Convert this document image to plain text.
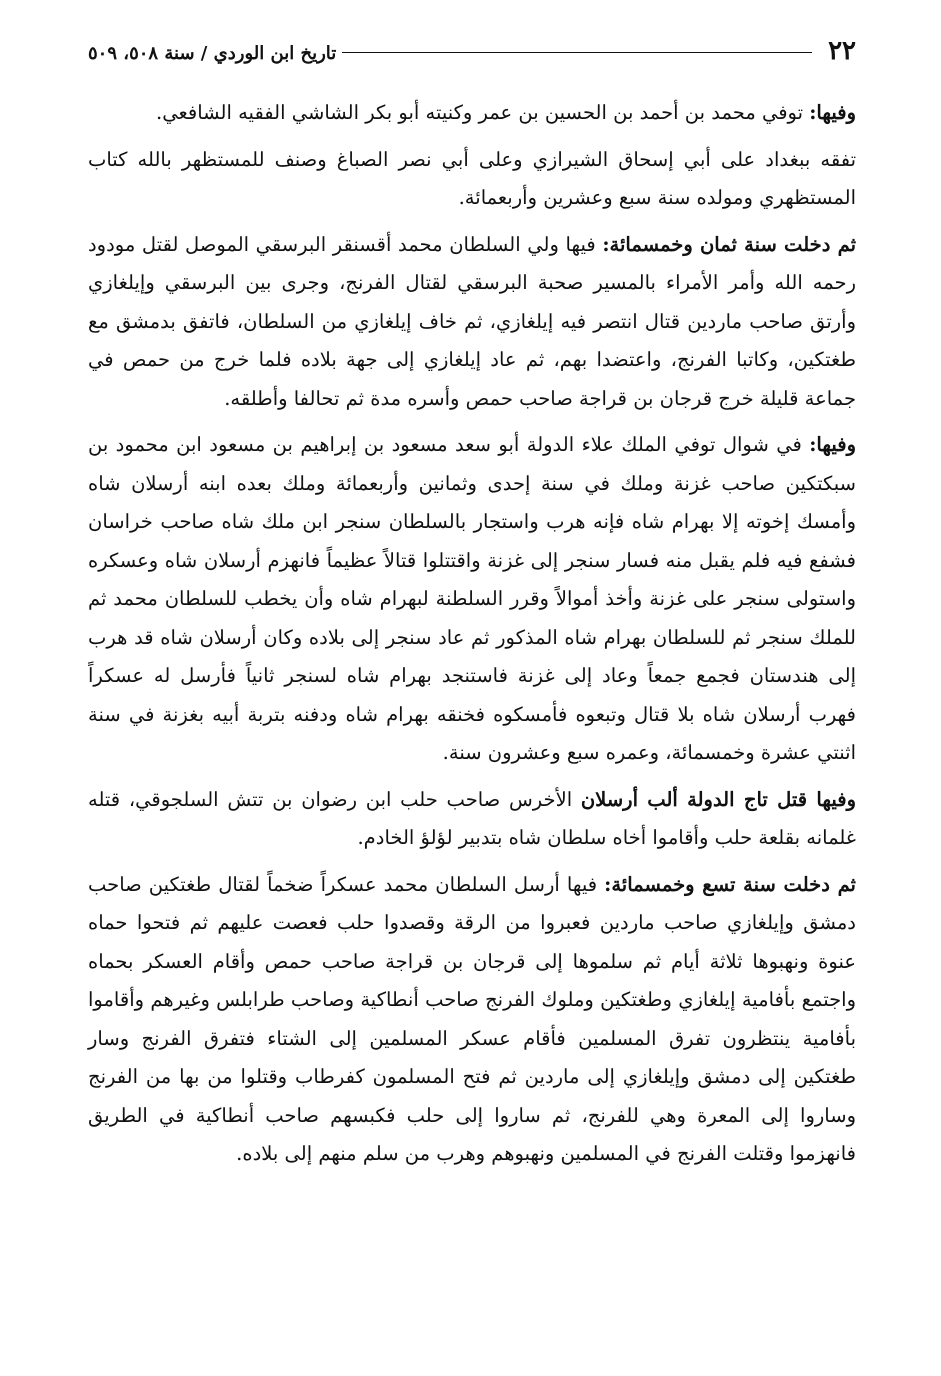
٢٢
تاريخ ابن الوردي / سنة ٥٠٨، ٥٠٩

وفيها: توفي محمد بن أحمد بن الحسين بن عمر وكنيته أبو بكر الشاشي الفقيه الشافعي.

تفقه ببغداد على أبي إسحاق الشيرازي وعلى أبي نصر الصباغ وصنف للمستظهر بالله كتاب المستظهري ومولده سنة سبع وعشرين وأربعمائة.

ثم دخلت سنة ثمان وخمسمائة: فيها ولي السلطان محمد أقسنقر البرسقي الموصل لقتل مودود رحمه الله وأمر الأمراء بالمسير صحبة البرسقي لقتال الفرنج، وجرى بين البرسقي وإيلغازي وأرتق صاحب ماردين قتال انتصر فيه إيلغازي، ثم خاف إيلغازي من السلطان، فاتفق بدمشق مع طغتكين، وكاتبا الفرنج، واعتضدا بهم، ثم عاد إيلغازي إلى جهة بلاده فلما خرج من حمص في جماعة قليلة خرج قرجان بن قراجة صاحب حمص وأسره مدة ثم تحالفا وأطلقه.

وفيها: في شوال توفي الملك علاء الدولة أبو سعد مسعود بن إبراهيم بن مسعود ابن محمود بن سبكتكين صاحب غزنة وملك في سنة إحدى وثمانين وأربعمائة وملك بعده ابنه أرسلان شاه وأمسك إخوته إلا بهرام شاه فإنه هرب واستجار بالسلطان سنجر ابن ملك شاه صاحب خراسان فشفع فيه فلم يقبل منه فسار سنجر إلى غزنة واقتتلوا قتالاً عظيماً فانهزم أرسلان شاه وعسكره واستولى سنجر على غزنة وأخذ أموالاً وقرر السلطنة لبهرام شاه وأن يخطب للسلطان محمد ثم للملك سنجر ثم للسلطان بهرام شاه المذكور ثم عاد سنجر إلى بلاده وكان أرسلان شاه قد هرب إلى هندستان فجمع جمعاً وعاد إلى غزنة فاستنجد بهرام شاه لسنجر ثانياً فأرسل له عسكراً فهرب أرسلان شاه بلا قتال وتبعوه فأمسكوه فخنقه بهرام شاه ودفنه بتربة أبيه بغزنة في سنة اثنتي عشرة وخمسمائة، وعمره سبع وعشرون سنة.

وفيها قتل تاج الدولة ألب أرسلان الأخرس صاحب حلب ابن رضوان بن تتش السلجوقي، قتله غلمانه بقلعة حلب وأقاموا أخاه سلطان شاه بتدبير لؤلؤ الخادم.

ثم دخلت سنة تسع وخمسمائة: فيها أرسل السلطان محمد عسكراً ضخماً لقتال طغتكين صاحب دمشق وإيلغازي صاحب ماردين فعبروا من الرقة وقصدوا حلب فعصت عليهم ثم فتحوا حماه عنوة ونهبوها ثلاثة أيام ثم سلموها إلى قرجان بن قراجة صاحب حمص وأقام العسكر بحماه واجتمع بأفامية إيلغازي وطغتكين وملوك الفرنج صاحب أنطاكية وصاحب طرابلس وغيرهم وأقاموا بأفامية ينتظرون تفرق المسلمين فأقام عسكر المسلمين إلى الشتاء فتفرق الفرنج وسار طغتكين إلى دمشق وإيلغازي إلى ماردين ثم فتح المسلمون كفرطاب وقتلوا من بها من الفرنج وساروا إلى المعرة وهي للفرنج، ثم ساروا إلى حلب فكبسهم صاحب أنطاكية في الطريق فانهزموا وقتلت الفرنج في المسلمين ونهبوهم وهرب من سلم منهم إلى بلاده.
